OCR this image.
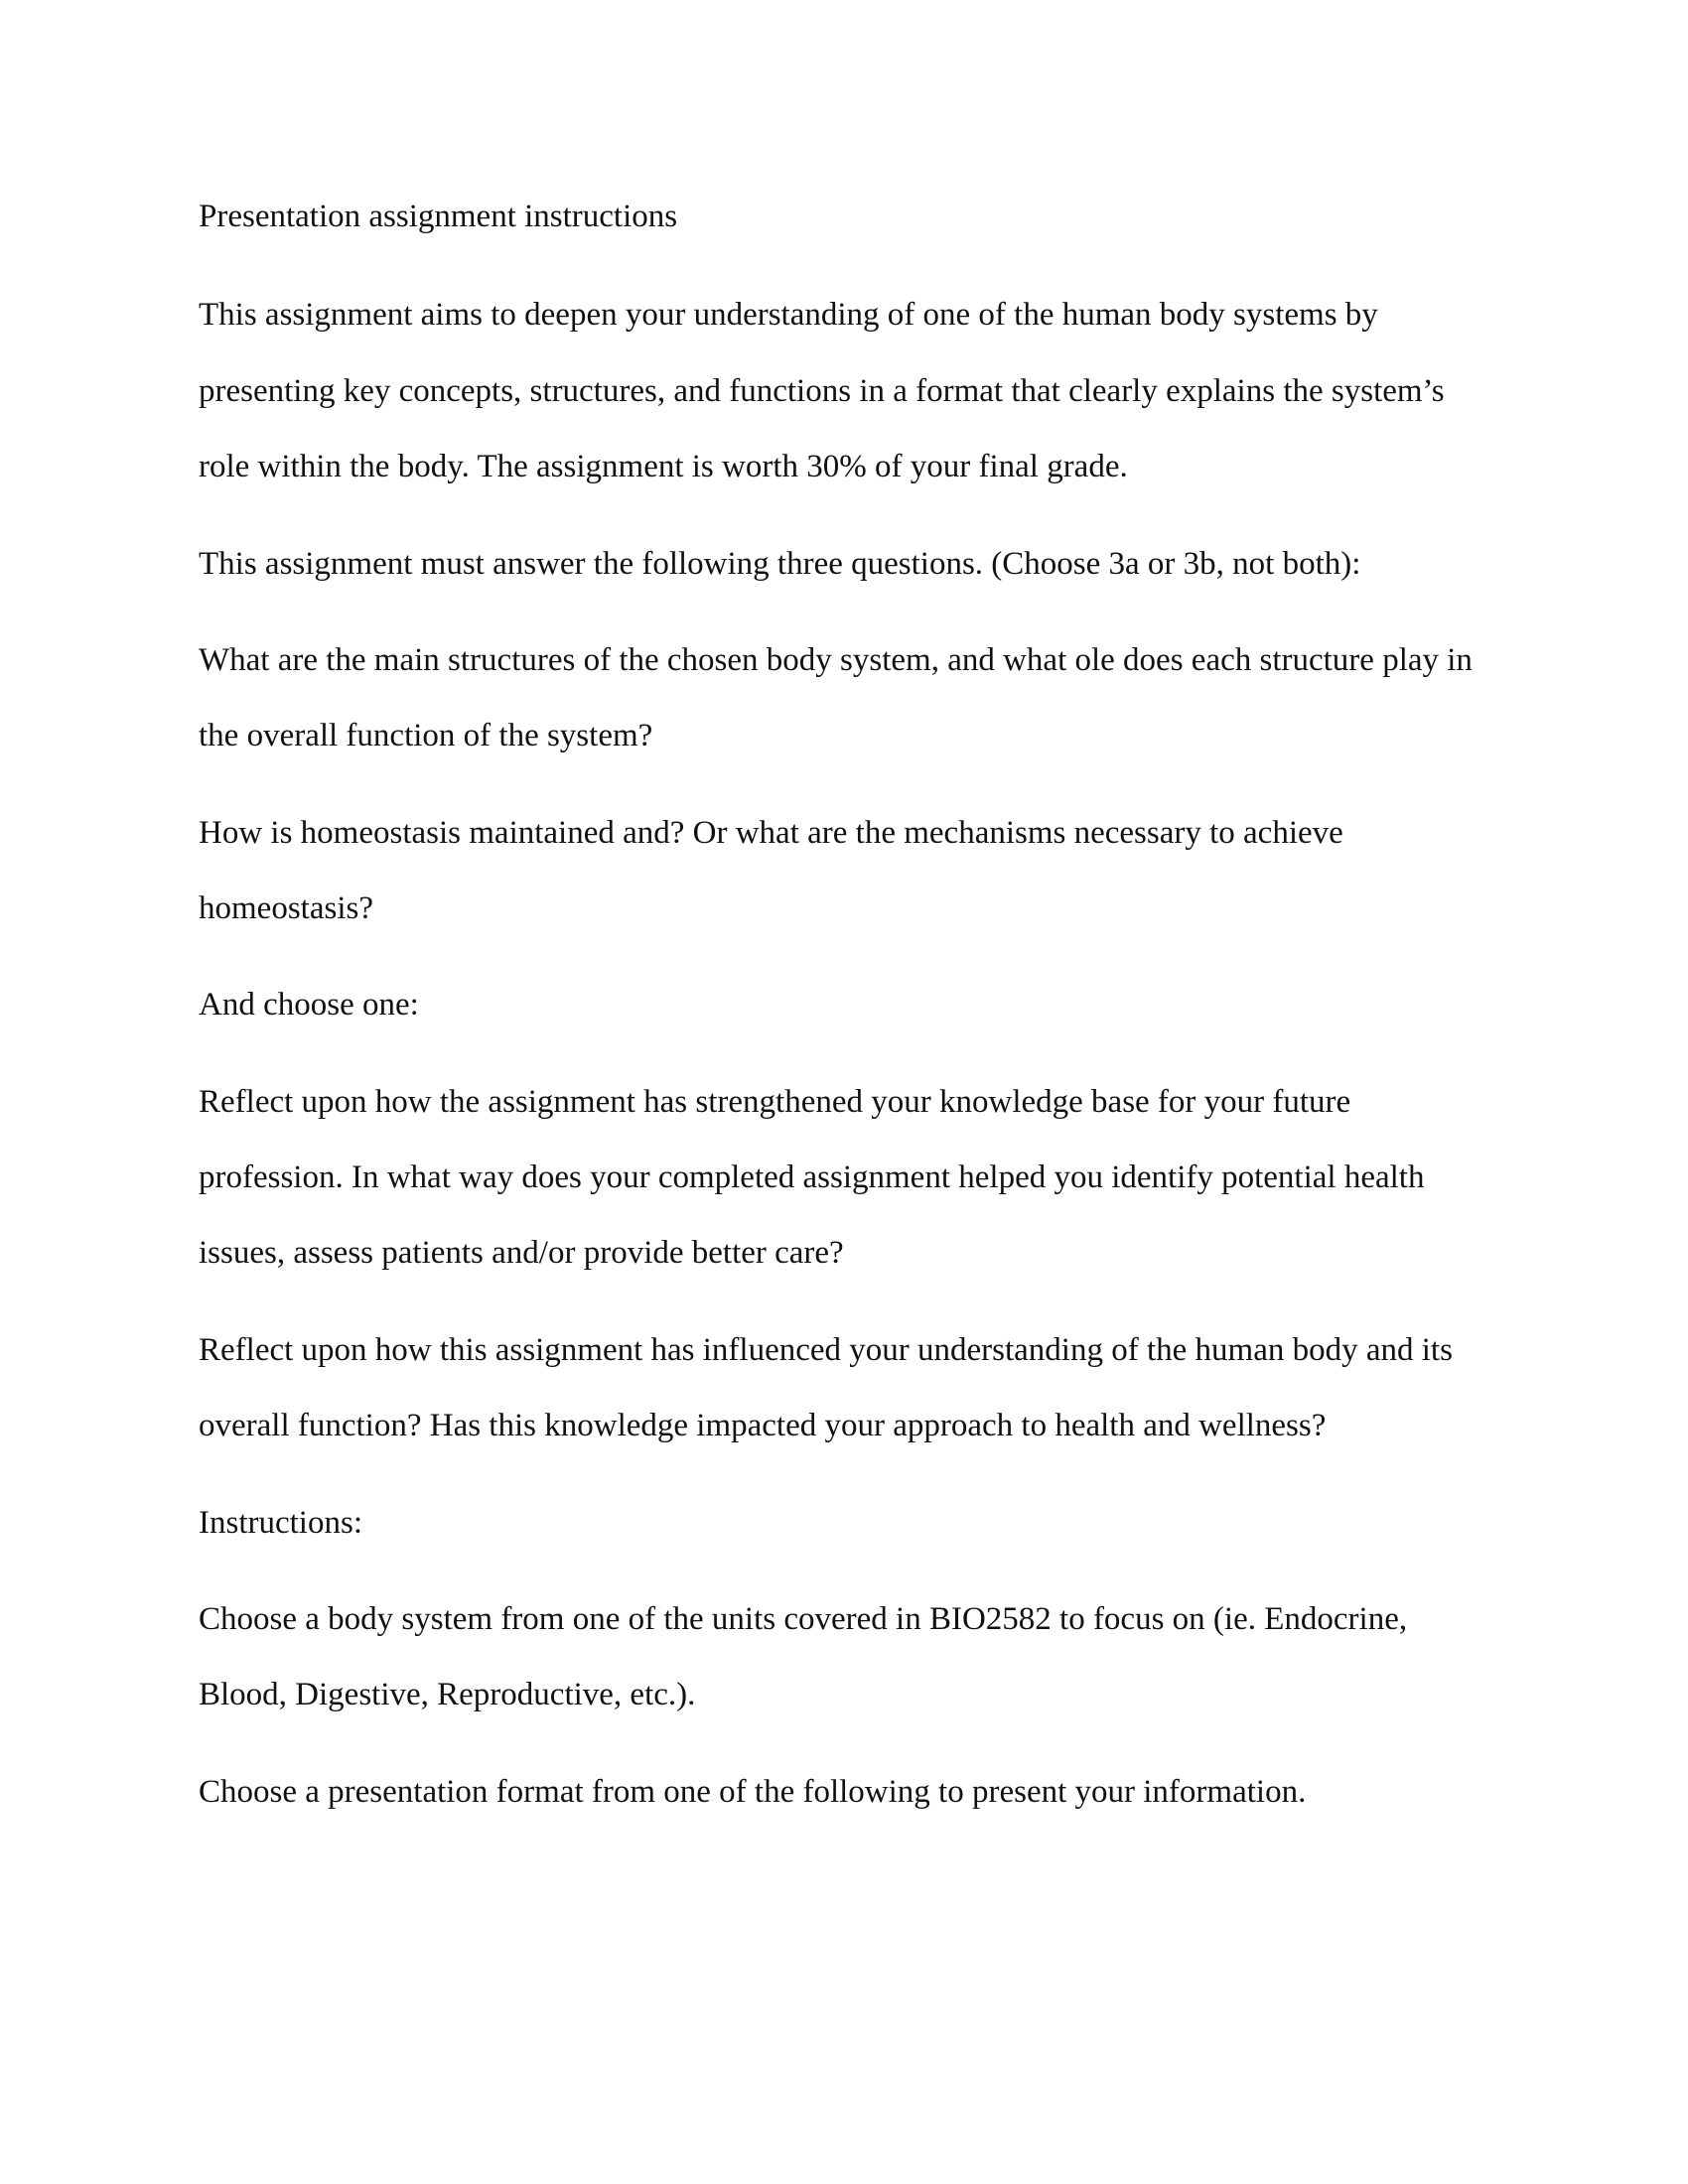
Presentation assignment instructions

This assignment aims to deepen your understanding of one of the human body systems by

presenting key concepts, structures, and functions in a format that clearly explains the system’s

role within the body. The assignment is worth 30% of your final grade.

This assignment must answer the following three questions. (Choose 3a or 3b, not both):

What are the main structures of the chosen body system, and what ole does each structure play in

the overall function of the system?

How is homeostasis maintained and? Or what are the mechanisms necessary to achieve

homeostasis?

And choose one:

Reflect upon how the assignment has strengthened your knowledge base for your future

profession. In what way does your completed assignment helped you identify potential health

issues, assess patients and/or provide better care?

Reflect upon how this assignment has influenced your understanding of the human body and its

overall function? Has this knowledge impacted your approach to health and wellness?

Instructions:

Choose a body system from one of the units covered in BIO2582 to focus on (ie. Endocrine,

Blood, Digestive, Reproductive, etc.).

Choose a presentation format from one of the following to present your information.
